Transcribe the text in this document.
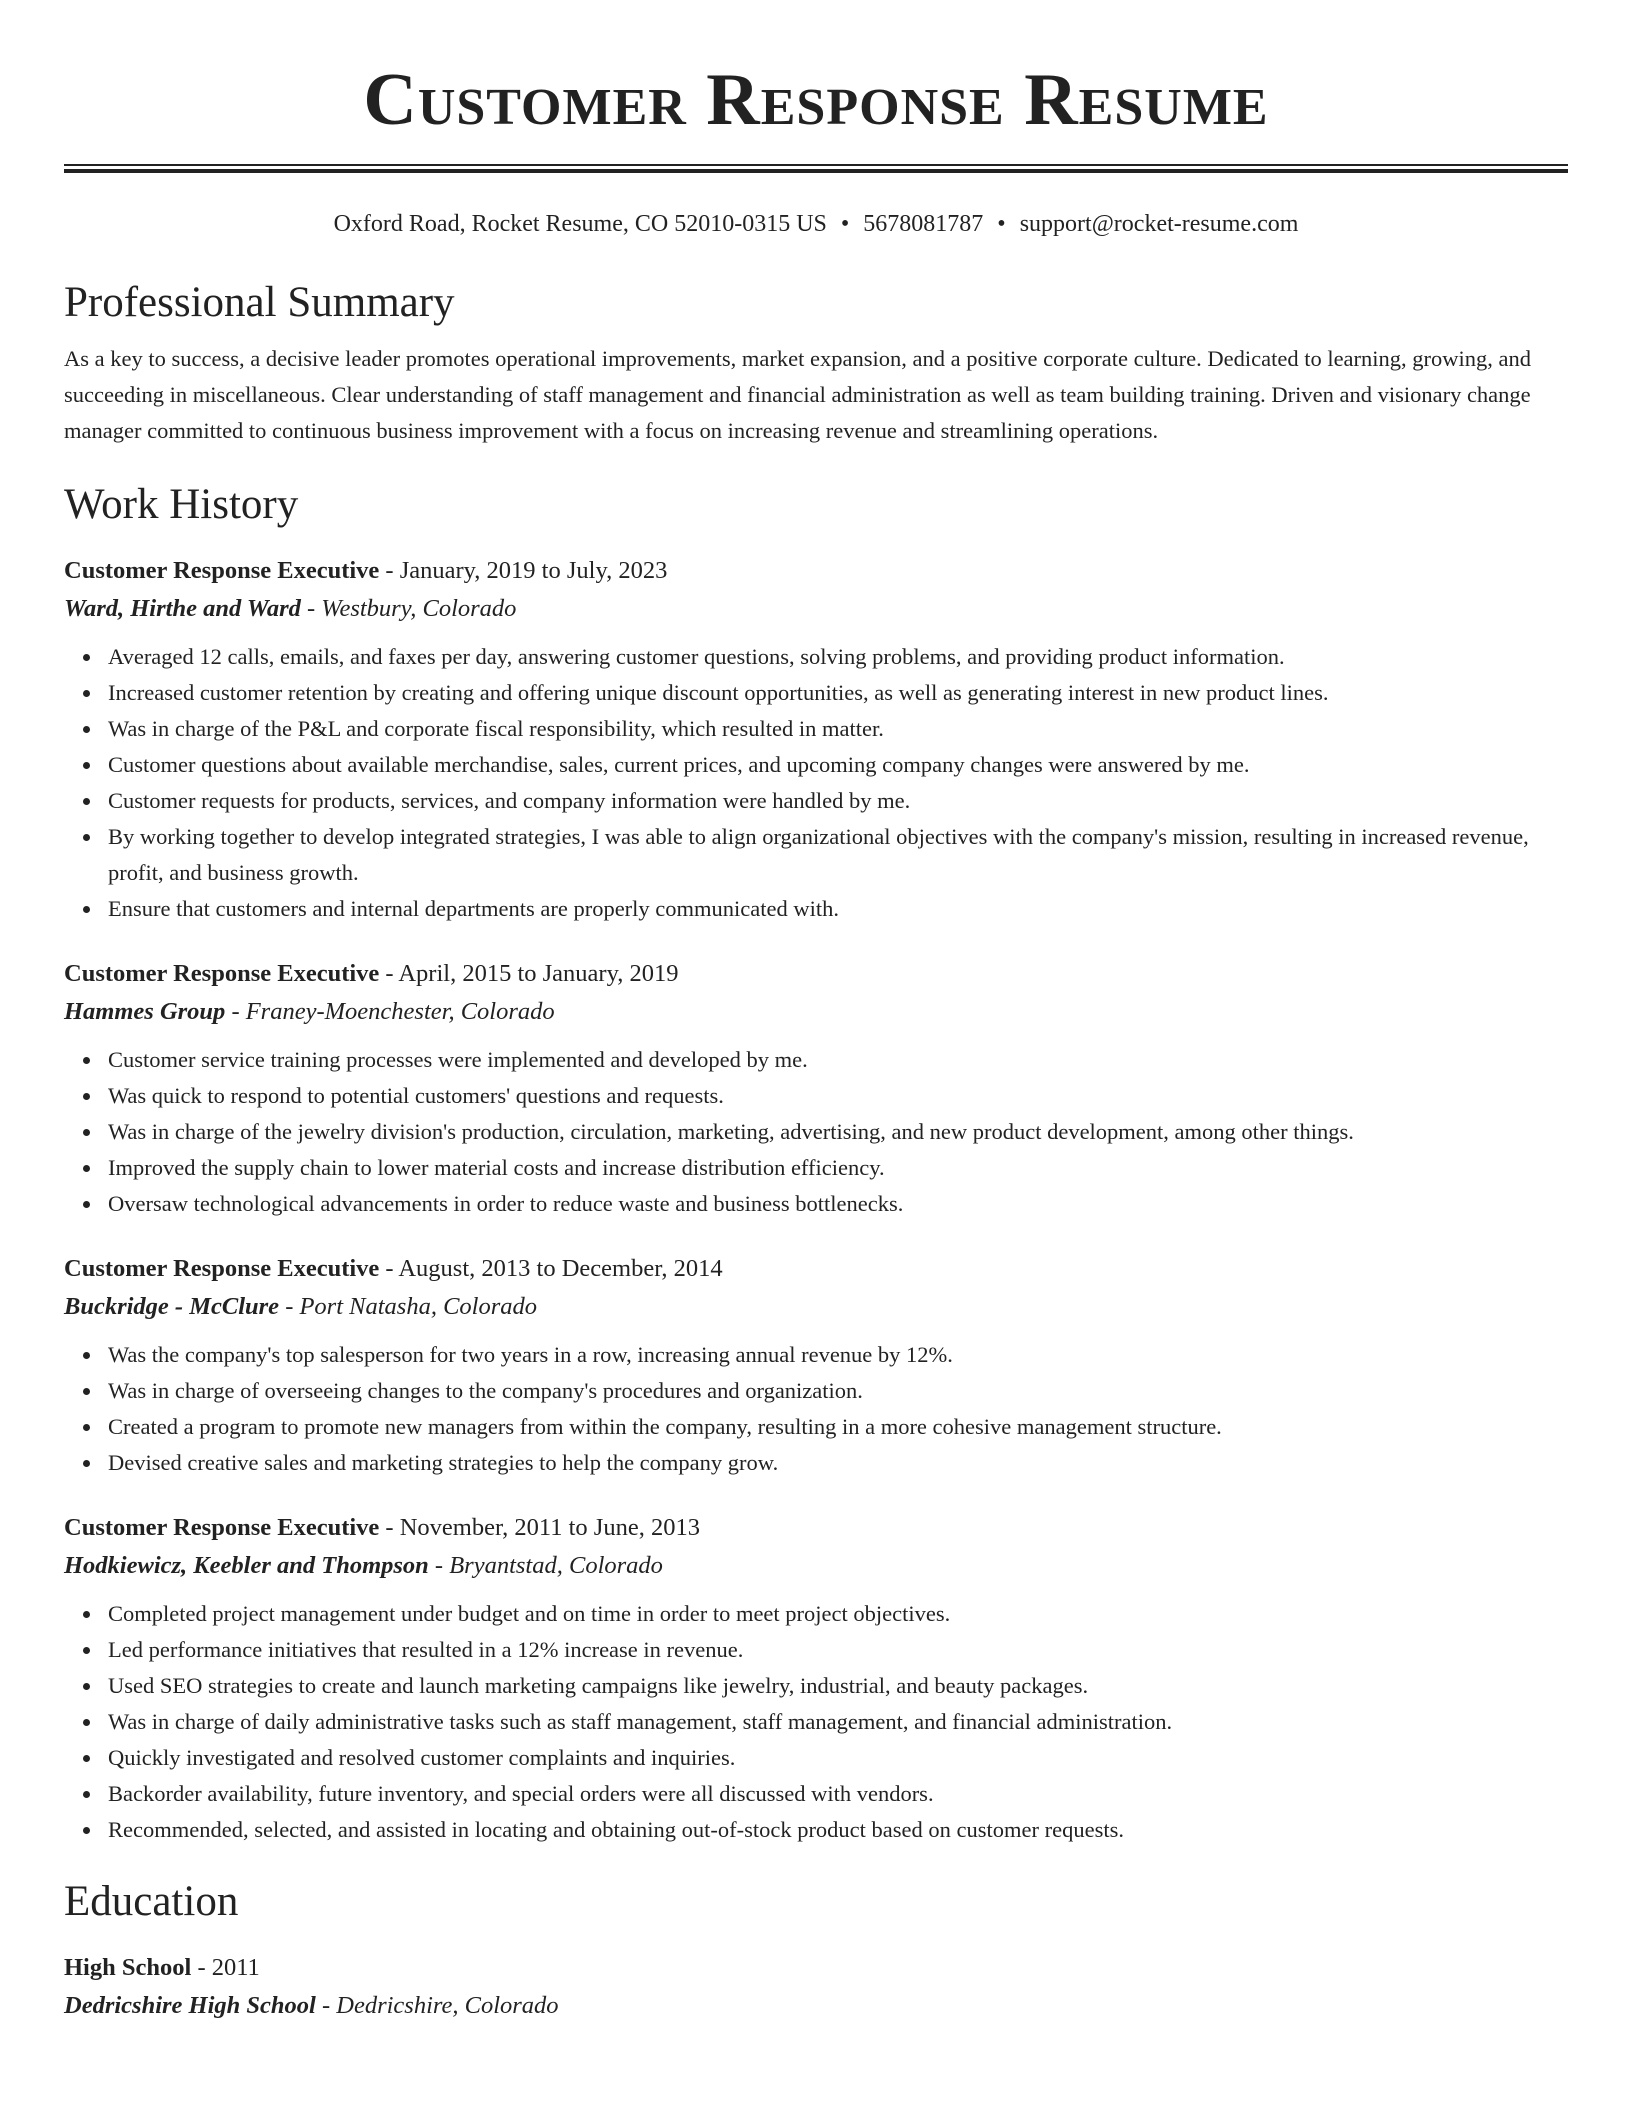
Customer Response Resume
Oxford Road, Rocket Resume, CO 52010-0315 US • 5678081787 • support@rocket-resume.com
Professional Summary

As a key to success, a decisive leader promotes operational improvements, market expansion, and a positive corporate culture. Dedicated to learning, growing, and succeeding in miscellaneous. Clear understanding of staff management and financial administration as well as team building training. Driven and visionary change manager committed to continuous business improvement with a focus on increasing revenue and streamlining operations.

Work History
Customer Response Executive - January, 2019 to July, 2023
Ward, Hirthe and Ward - Westbury, Colorado
Averaged 12 calls, emails, and faxes per day, answering customer questions, solving problems, and providing product information.
Increased customer retention by creating and offering unique discount opportunities, as well as generating interest in new product lines.
Was in charge of the P&L and corporate fiscal responsibility, which resulted in matter.
Customer questions about available merchandise, sales, current prices, and upcoming company changes were answered by me.
Customer requests for products, services, and company information were handled by me.
By working together to develop integrated strategies, I was able to align organizational objectives with the company's mission, resulting in increased revenue, profit, and business growth.
Ensure that customers and internal departments are properly communicated with.
Customer Response Executive - April, 2015 to January, 2019
Hammes Group - Franey-Moenchester, Colorado
Customer service training processes were implemented and developed by me.
Was quick to respond to potential customers' questions and requests.
Was in charge of the jewelry division's production, circulation, marketing, advertising, and new product development, among other things.
Improved the supply chain to lower material costs and increase distribution efficiency.
Oversaw technological advancements in order to reduce waste and business bottlenecks.
Customer Response Executive - August, 2013 to December, 2014
Buckridge - McClure - Port Natasha, Colorado
Was the company's top salesperson for two years in a row, increasing annual revenue by 12%.
Was in charge of overseeing changes to the company's procedures and organization.
Created a program to promote new managers from within the company, resulting in a more cohesive management structure.
Devised creative sales and marketing strategies to help the company grow.
Customer Response Executive - November, 2011 to June, 2013
Hodkiewicz, Keebler and Thompson - Bryantstad, Colorado
Completed project management under budget and on time in order to meet project objectives.
Led performance initiatives that resulted in a 12% increase in revenue.
Used SEO strategies to create and launch marketing campaigns like jewelry, industrial, and beauty packages.
Was in charge of daily administrative tasks such as staff management, staff management, and financial administration.
Quickly investigated and resolved customer complaints and inquiries.
Backorder availability, future inventory, and special orders were all discussed with vendors.
Recommended, selected, and assisted in locating and obtaining out-of-stock product based on customer requests.
Education
High School - 2011
Dedricshire High School - Dedricshire, Colorado
